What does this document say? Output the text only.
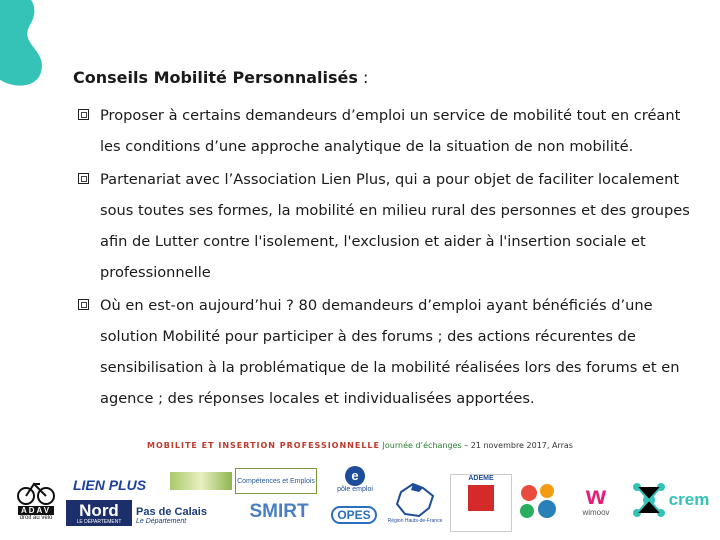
Conseils Mobilité Personnalisés :
Proposer à certains demandeurs d’emploi un service de mobilité tout en créant les conditions d’une approche analytique de la situation de non mobilité.
Partenariat avec l’Association Lien Plus, qui a pour objet de faciliter localement sous toutes ses formes, la mobilité en milieu rural des personnes et des groupes afin de Lutter contre l'isolement, l'exclusion et aider à l'insertion sociale et professionnelle
Où en est-on aujourd’hui ? 80 demandeurs d’emploi ayant bénéficiés d’une solution Mobilité pour participer à des forums ; des actions récurentes de sensibilisation à la problématique de la mobilité réalisées lors des forums et en agence ; des réponses locales et individualisées apportées.
MOBILITE ET INSERTION PROFESSIONNELLE Journée d’échanges – 21 novembre 2017, Arras
ADAV
droit au vélo
LIEN PLUS
Nord
LE DÉPARTEMENT
Pas de Calais
Le Département
Compétences et Emplois
SMIRT
e
pôle emploi
OPES	Région Hauts-de-France
ADEME
w
wimoov
crem
